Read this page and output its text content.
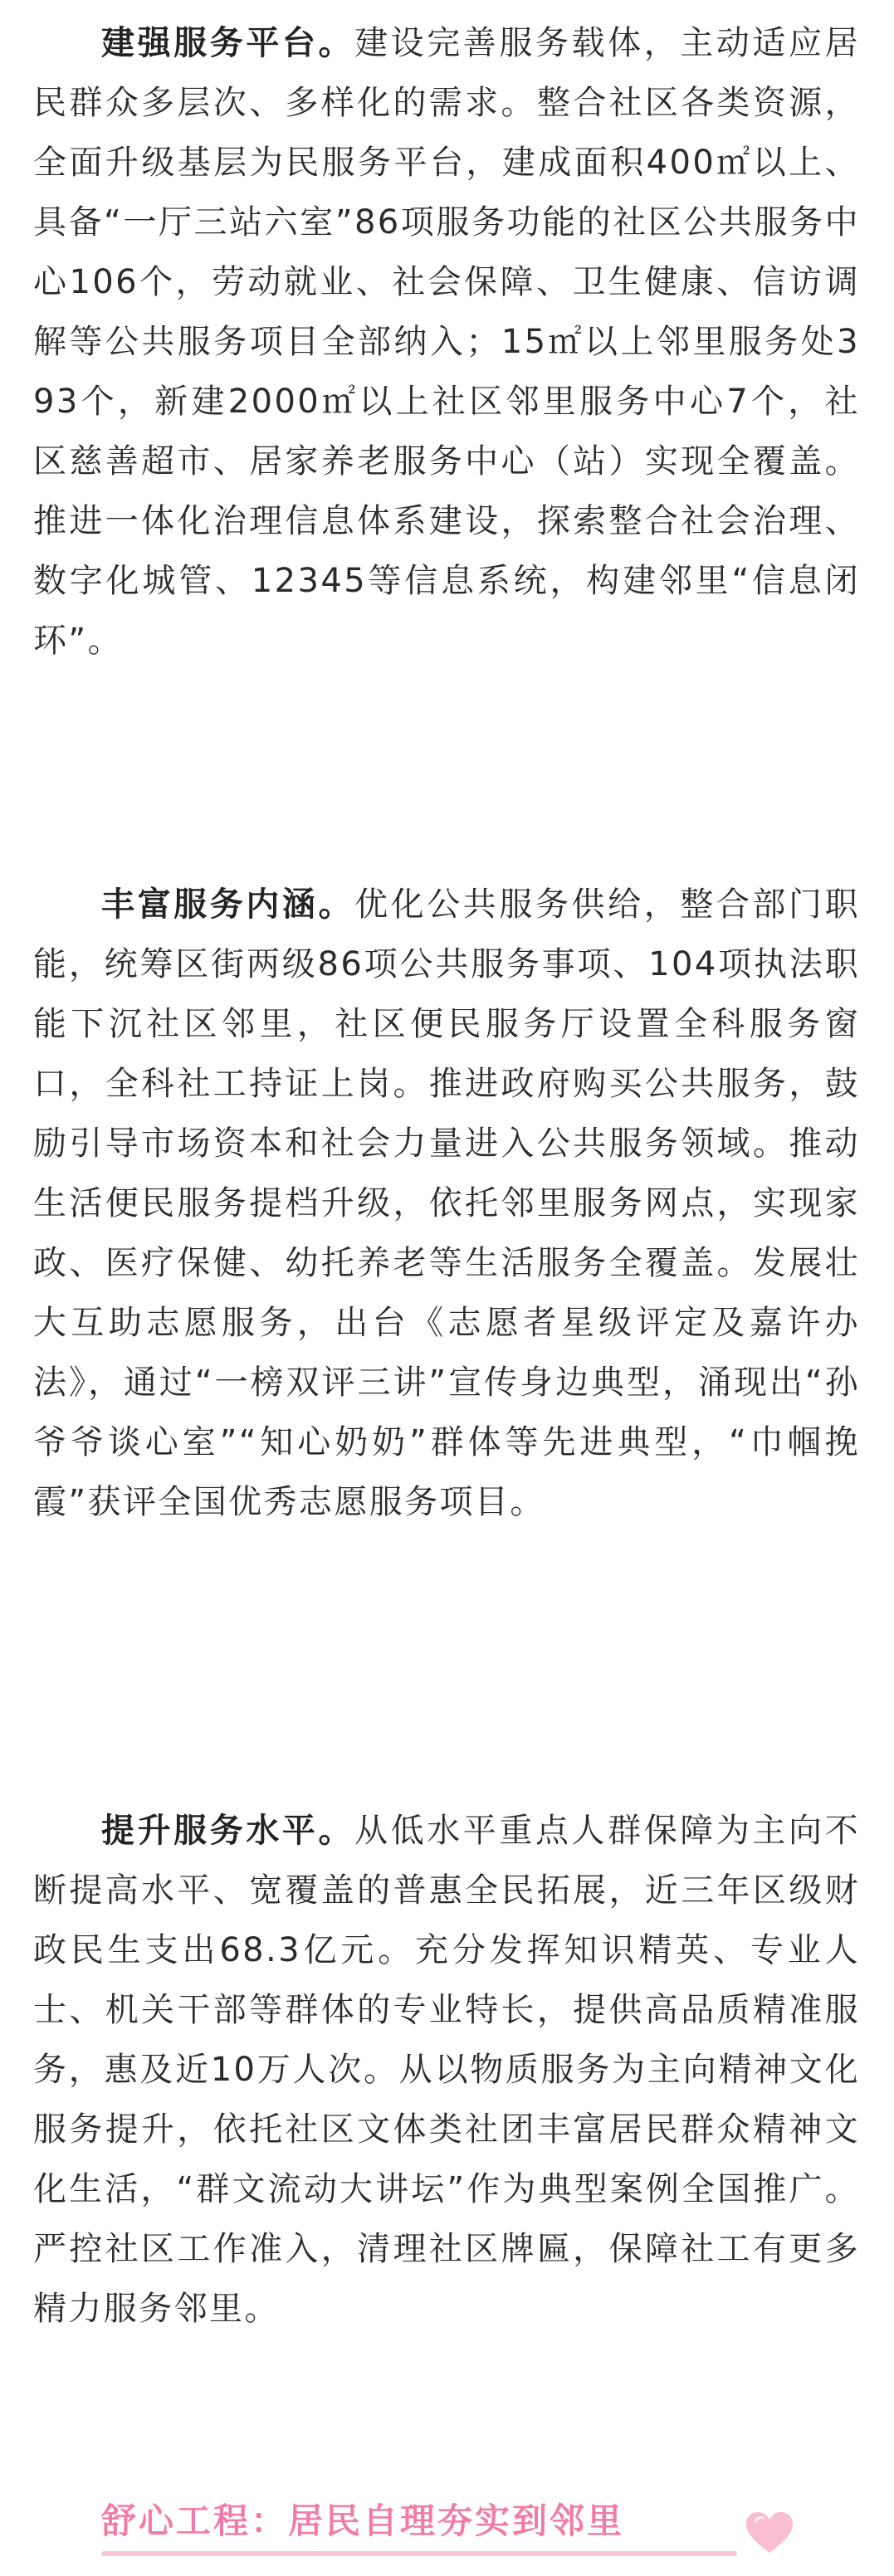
建强服务平台。建设完善服务载体，主动适应居民群众多层次、多样化的需求。整合社区各类资源，全面升级基层为民服务平台，建成面积400㎡以上、具备“一厅三站六室”86项服务功能的社区公共服务中心106个，劳动就业、社会保障、卫生健康、信访调解等公共服务项目全部纳入；15㎡以上邻里服务处393个，新建2000㎡以上社区邻里服务中心7个，社区慈善超市、居家养老服务中心（站）实现全覆盖。推进一体化治理信息体系建设，探索整合社会治理、数字化城管、12345等信息系统，构建邻里“信息闭环”。

丰富服务内涵。优化公共服务供给，整合部门职能，统筹区街两级86项公共服务事项、104项执法职能下沉社区邻里，社区便民服务厅设置全科服务窗口，全科社工持证上岗。推进政府购买公共服务，鼓励引导市场资本和社会力量进入公共服务领域。推动生活便民服务提档升级，依托邻里服务网点，实现家政、医疗保健、幼托养老等生活服务全覆盖。发展壮大互助志愿服务，出台《志愿者星级评定及嘉许办法》，通过“一榜双评三讲”宣传身边典型，涌现出“孙爷爷谈心室”“知心奶奶”群体等先进典型，“巾帼挽霞”获评全国优秀志愿服务项目。

提升服务水平。从低水平重点人群保障为主向不断提高水平、宽覆盖的普惠全民拓展，近三年区级财政民生支出68.3亿元。充分发挥知识精英、专业人士、机关干部等群体的专业特长，提供高品质精准服务，惠及近10万人次。从以物质服务为主向精神文化服务提升，依托社区文体类社团丰富居民群众精神文化生活，“群文流动大讲坛”作为典型案例全国推广。严控社区工作准入，清理社区牌匾，保障社工有更多精力服务邻里。

舒心工程：居民自理夯实到邻里
